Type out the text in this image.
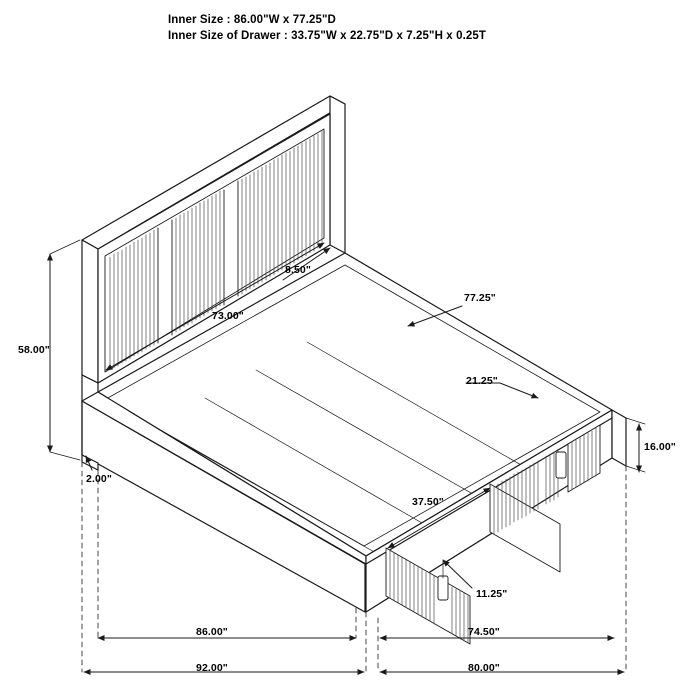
Inner Size : 86.00"W x 77.25"D
Inner Size of Drawer : 33.75"W x 22.75"D x 7.25"H x 0.25T
58.00"
8.50"
73.00"
77.25"
21.25"
16.00"
2.00"
37.50"
11.25"
86.00"	74.50"
92.00"	80.00"
